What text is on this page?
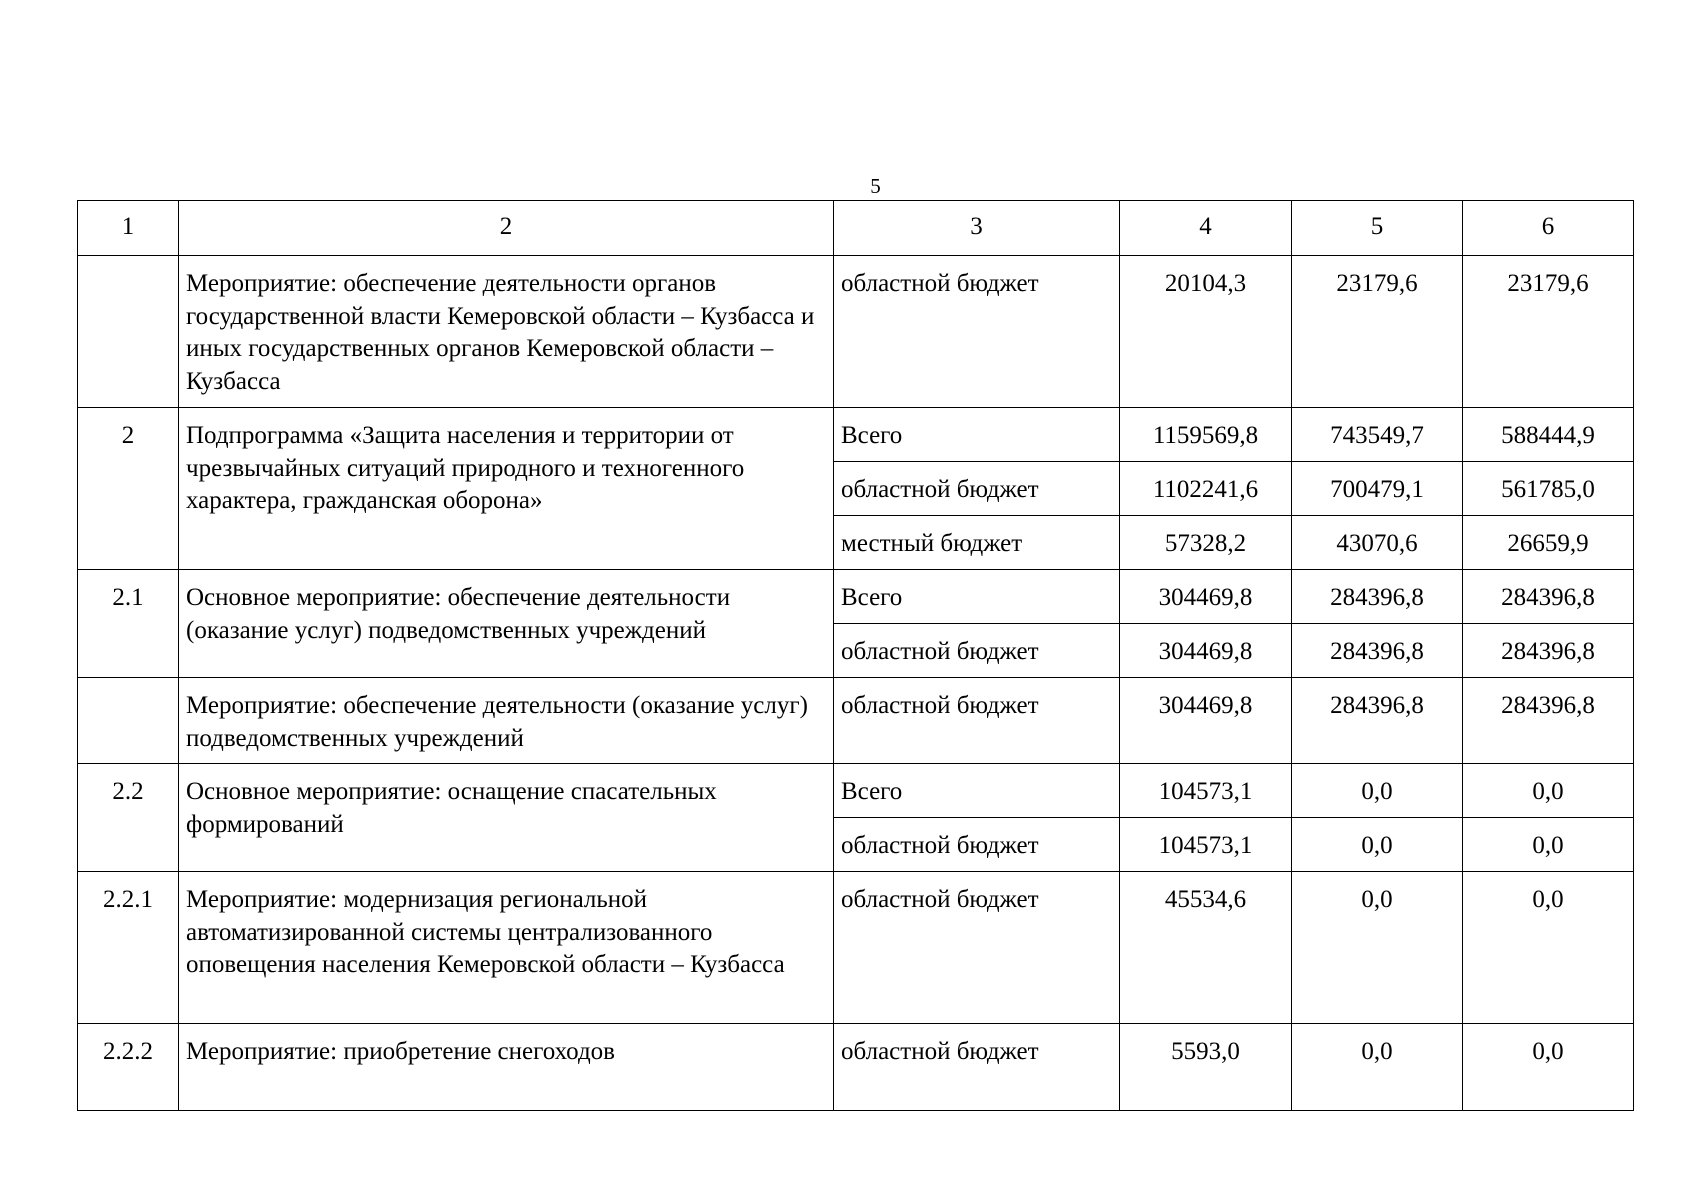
5
1	2	3	4	5	6
	Мероприятие: обеспечение деятельности органов государственной власти Кемеровской области – Кузбасса и иных государственных органов Кемеровской области – Кузбасса	областной бюджет	20104,3	23179,6	23179,6
2	Подпрограмма «Защита населения и территории от чрезвычайных ситуаций природного и техногенного характера, гражданская оборона»	Всего	1159569,8	743549,7	588444,9
		областной бюджет	1102241,6	700479,1	561785,0
		местный бюджет	57328,2	43070,6	26659,9
2.1	Основное мероприятие: обеспечение деятельности (оказание услуг) подведомственных учреждений	Всего	304469,8	284396,8	284396,8
		областной бюджет	304469,8	284396,8	284396,8
	Мероприятие: обеспечение деятельности (оказание услуг) подведомственных учреждений	областной бюджет	304469,8	284396,8	284396,8
2.2	Основное мероприятие: оснащение спасательных формирований	Всего	104573,1	0,0	0,0
		областной бюджет	104573,1	0,0	0,0
2.2.1	Мероприятие: модернизация региональной автоматизированной системы централизованного оповещения населения Кемеровской области – Кузбасса	областной бюджет	45534,6	0,0	0,0
2.2.2	Мероприятие: приобретение снегоходов	областной бюджет	5593,0	0,0	0,0
